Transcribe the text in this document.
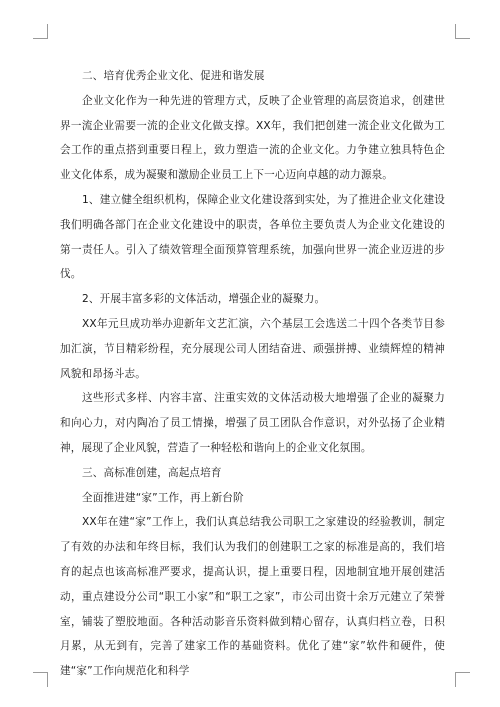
二、培育优秀企业文化、促进和谐发展

企业文化作为一种先进的管理方式，反映了企业管理的高层资追求，创建世界一流企业需要一流的企业文化做支撑。XX年，我们把创建一流企业文化做为工会工作的重点搭到重要日程上，致力塑造一流的企业文化。力争建立独具特色企业文化体系，成为凝聚和激励企业员工上下一心迈向卓越的动力源泉。

1、建立健全组织机构，保障企业文化建设落到实处，为了推进企业文化建设我们明确各部门在企业文化建设中的职责，各单位主要负责人为企业文化建设的第一责任人。引入了绩效管理全面预算管理系统，加强向世界一流企业迈进的步伐。

2、开展丰富多彩的文体活动，增强企业的凝聚力。

XX年元旦成功举办迎新年文艺汇演，六个基层工会选送二十四个各类节目参加汇演，节目精彩纷程，充分展现公司人团结奋进、顽强拼搏、业绩辉煌的精神风貌和昂扬斗志。

这些形式多样、内容丰富、注重实效的文体活动极大地增强了企业的凝聚力和向心力，对内陶冶了员工情操，增强了员工团队合作意识，对外弘扬了企业精神，展现了企业风貌，营造了一种轻松和谐向上的企业文化氛围。

三、高标准创建，高起点培育

全面推进建“家”工作，再上新台阶

XX年在建“家”工作上，我们认真总结我公司职工之家建设的经验教训，制定了有效的办法和年终目标，我们认为我们的创建职工之家的标准是高的，我们培育的起点也该高标准严要求，提高认识，提上重要日程，因地制宜地开展创建活动，重点建设分公司“职工小家”和“职工之家”，市公司出资十余万元建立了荣誉室，铺装了塑胶地面。各种活动影音乐资料做到精心留存，认真归档立卷，日积月累，从无到有，完善了建家工作的基础资料。优化了建“家”软件和硬件，使建“家”工作向规范化和科学
